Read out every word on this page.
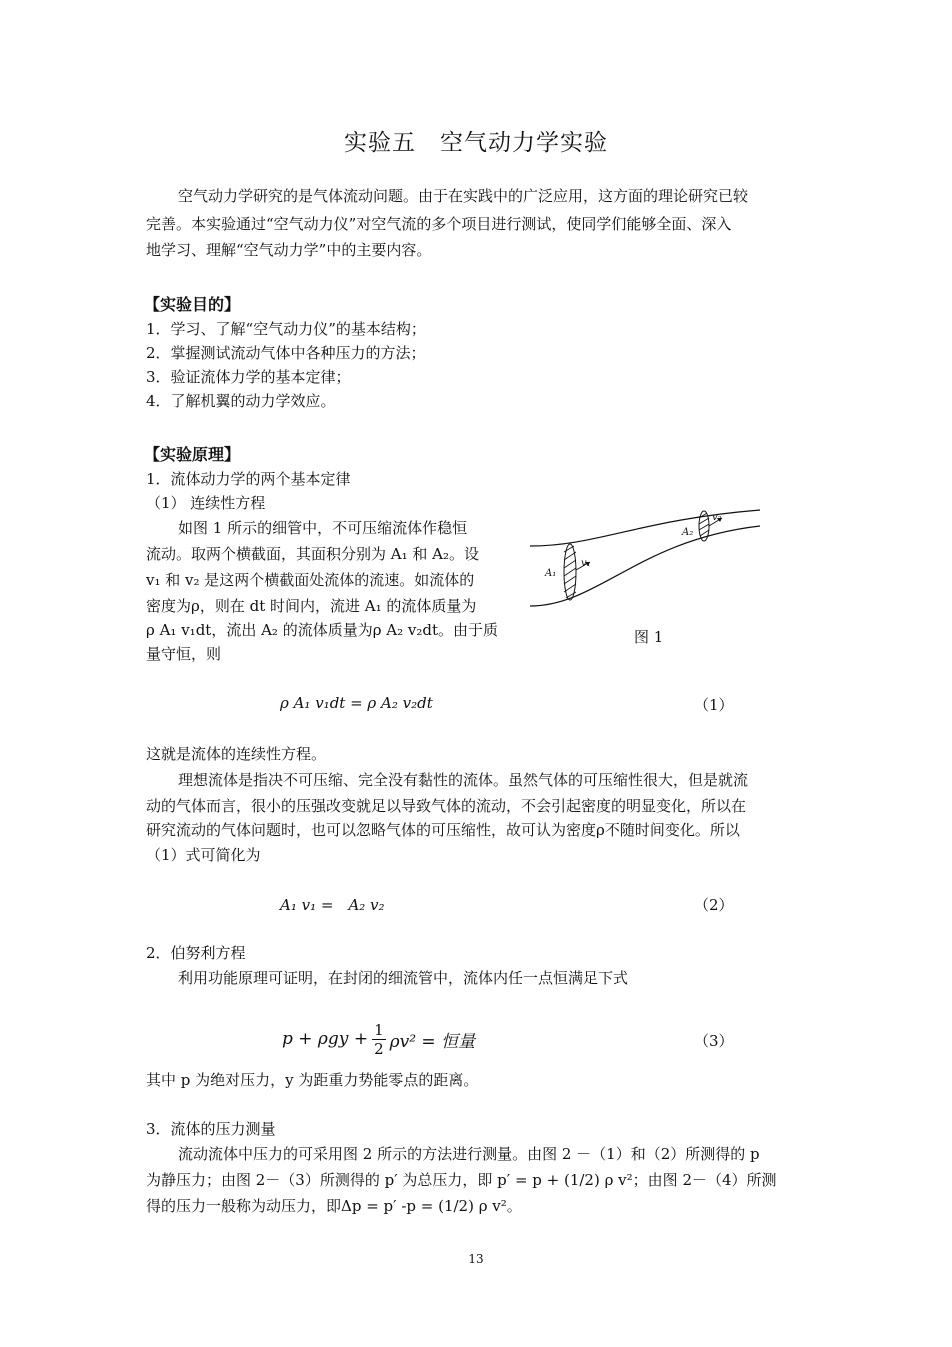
实验五　空气动力学实验
空气动力学研究的是气体流动问题。由于在实践中的广泛应用，这方面的理论研究已较
完善。本实验通过“空气动力仪”对空气流的多个项目进行测试，使同学们能够全面、深入
地学习、理解“空气动力学”中的主要内容。
【实验目的】
1．学习、了解“空气动力仪”的基本结构；
2．掌握测试流动气体中各种压力的方法；
3．验证流体力学的基本定律；
4．了解机翼的动力学效应。
【实验原理】
1．流体动力学的两个基本定律
（1） 连续性方程
如图 1 所示的细管中，不可压缩流体作稳恒
流动。取两个横截面，其面积分别为 A₁ 和 A₂。设
v₁ 和 v₂ 是这两个横截面处流体的流速。如流体的
密度为ρ，则在 dt 时间内，流进 A₁ 的流体质量为
ρ A₁ v₁dt，流出 A₂ 的流体质量为ρ A₂ v₂dt。由于质
量守恒，则
A₁
v₁
A₂
v₂
图 1
ρ A₁ v₁dt = ρ A₂ v₂dt	（1）
这就是流体的连续性方程。
理想流体是指决不可压缩、完全没有黏性的流体。虽然气体的可压缩性很大，但是就流
动的气体而言，很小的压强改变就足以导致气体的流动，不会引起密度的明显变化，所以在
研究流动的气体问题时，也可以忽略气体的可压缩性，故可认为密度ρ不随时间变化。所以
（1）式可简化为
A₁ v₁ =　A₂ v₂	（2）
2．伯努利方程
利用功能原理可证明，在封闭的细流管中，流体内任一点恒满足下式
$p + \rho gy + \frac{1}{2} \rho v^2$ = 恒量	（3）
其中 p 为绝对压力，y 为距重力势能零点的距离。
3．流体的压力测量
流动流体中压力的可采用图 2 所示的方法进行测量。由图 2 －（1）和（2）所测得的 p
为静压力；由图 2－（3）所测得的 p′ 为总压力，即 p′ = p + (1/2) ρ v²；由图 2－（4）所测
得的压力一般称为动压力，即Δp = p′ -p = (1/2) ρ v²。
13
